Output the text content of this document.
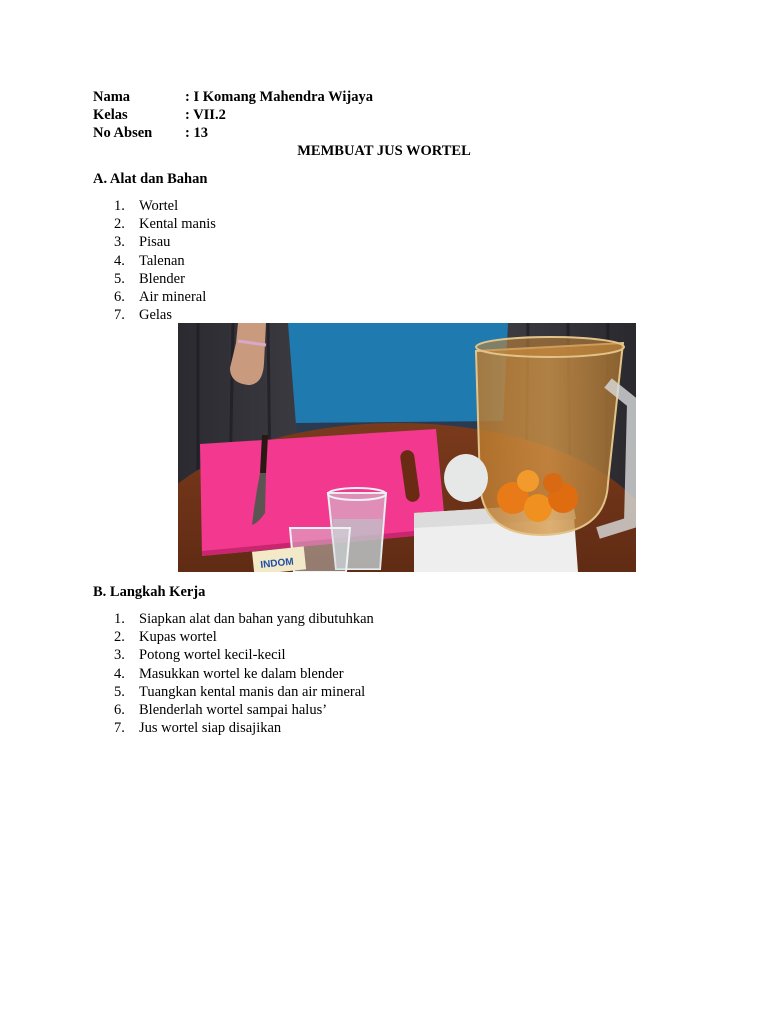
Nama	: I Komang Mahendra Wijaya
Kelas	: VII.2
No Absen : 13
MEMBUAT JUS WORTEL
A. Alat dan Bahan
1. Wortel
2. Kental manis
3. Pisau
4. Talenan
5. Blender
6. Air mineral
7. Gelas
INDOM
B. Langkah Kerja
1. Siapkan alat dan bahan yang dibutuhkan
2. Kupas wortel
3. Potong wortel kecil-kecil
4. Masukkan wortel ke dalam blender
5. Tuangkan kental manis dan air mineral
6. Blenderlah wortel sampai halus’
7. Jus wortel siap disajikan
